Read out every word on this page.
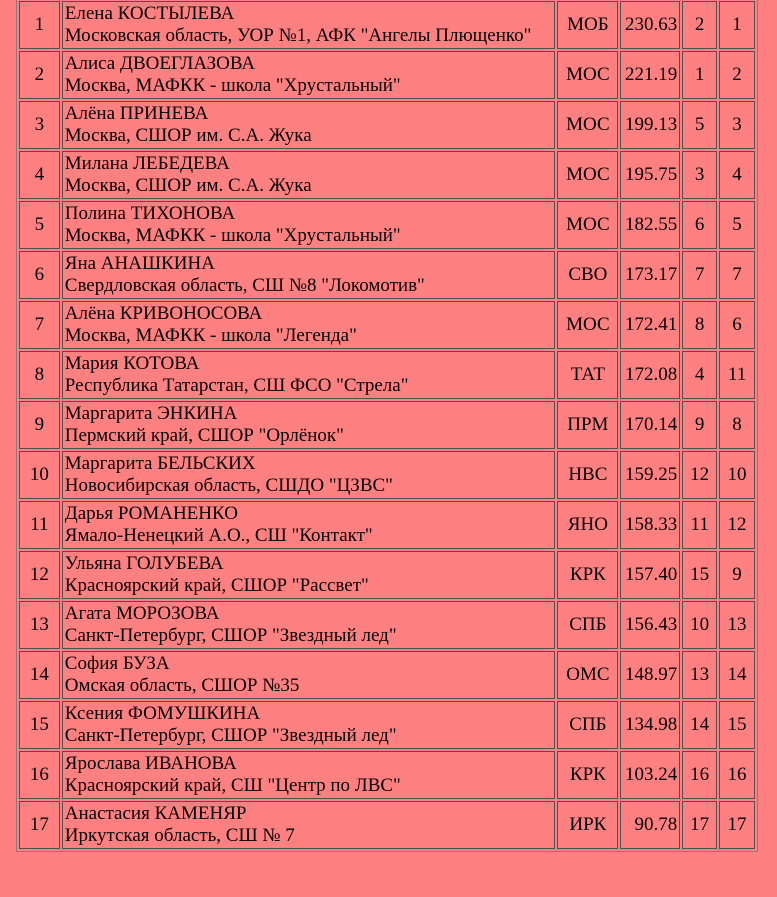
1	Елена КОСТЫЛЕВА
Московская область, УОР №1, АФК "Ангелы Плющенко"	МОБ	230.63	2	1
2	Алиса ДВОЕГЛАЗОВА
Москва, МАФКК - школа "Хрустальный"	МОС	221.19	1	2
3	Алёна ПРИНЕВА
Москва, СШОР им. С.А. Жука	МОС	199.13	5	3
4	Милана ЛЕБЕДЕВА
Москва, СШОР им. С.А. Жука	МОС	195.75	3	4
5	Полина ТИХОНОВА
Москва, МАФКК - школа "Хрустальный"	МОС	182.55	6	5
6	Яна АНАШКИНА
Свердловская область, СШ №8 "Локомотив"	СВО	173.17	7	7
7	Алёна КРИВОНОСОВА
Москва, МАФКК - школа "Легенда"	МОС	172.41	8	6
8	Мария КОТОВА
Республика Татарстан, СШ ФСО "Стрела"	ТАТ	172.08	4	11
9	Маргарита ЭНКИНА
Пермский край, СШОР "Орлёнок"	ПРМ	170.14	9	8
10	Маргарита БЕЛЬСКИХ
Новосибирская область, СШДО "ЦЗВС"	НВС	159.25	12	10
11	Дарья РОМАНЕНКО
Ямало-Ненецкий А.О., СШ "Контакт"	ЯНО	158.33	11	12
12	Ульяна ГОЛУБЕВА
Красноярский край, СШОР "Рассвет"	КРК	157.40	15	9
13	Агата МОРОЗОВА
Санкт-Петербург, СШОР "Звездный лед"	СПБ	156.43	10	13
14	София БУЗА
Омская область, СШОР №35	ОМС	148.97	13	14
15	Ксения ФОМУШКИНА
Санкт-Петербург, СШОР "Звездный лед"	СПБ	134.98	14	15
16	Ярослава ИВАНОВА
Красноярский край, СШ "Центр по ЛВС"	КРК	103.24	16	16
17	Анастасия КАМЕНЯР
Иркутская область, СШ № 7	ИРК	90.78	17	17
